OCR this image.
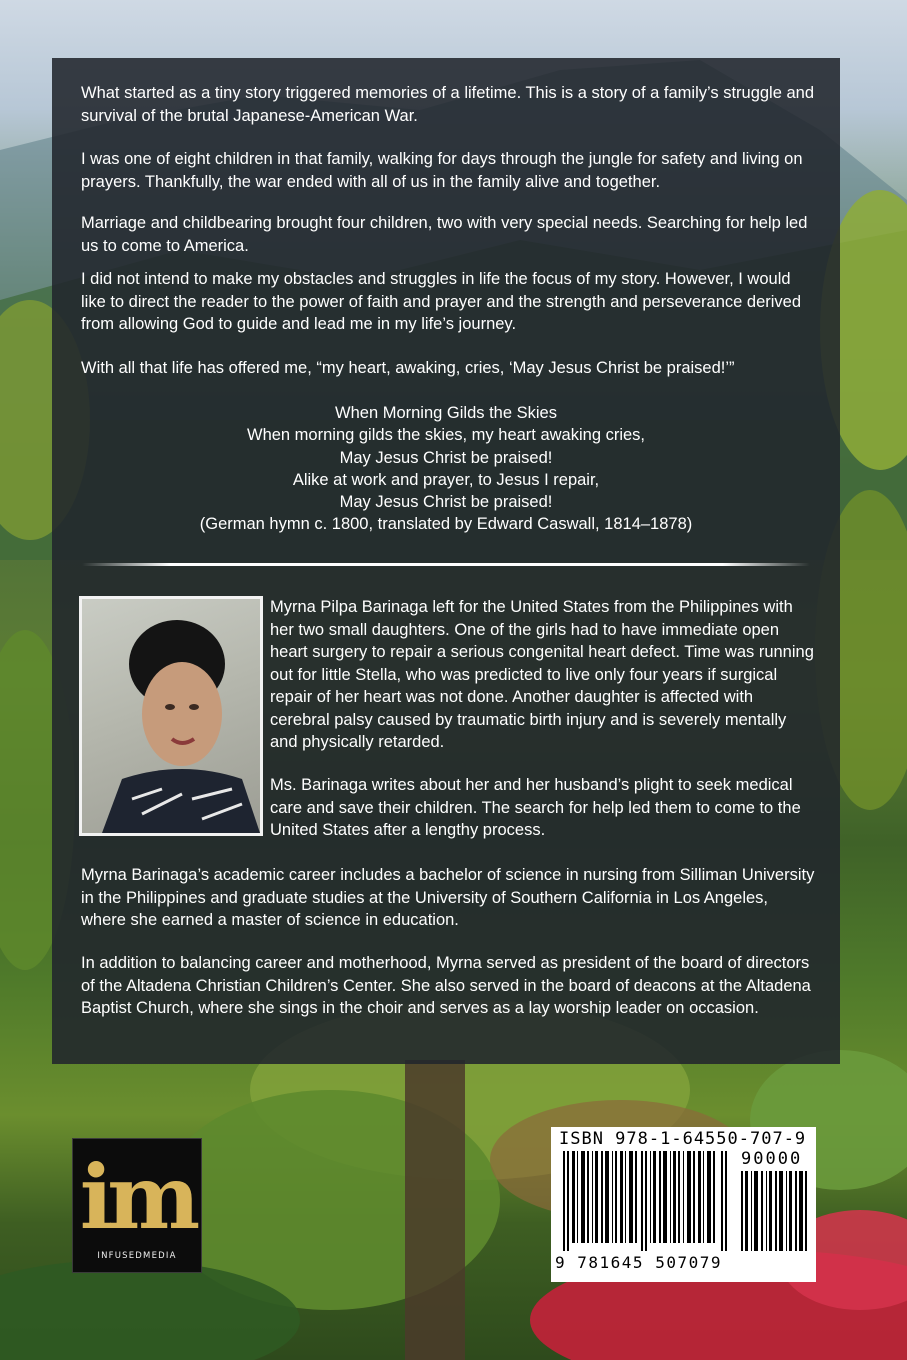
What started as a tiny story triggered memories of a lifetime. This is a story of a family’s struggle and survival of the brutal Japanese-American War.

I was one of eight children in that family, walking for days through the jungle for safety and living on prayers. Thankfully, the war ended with all of us in the family alive and together.

Marriage and childbearing brought four children, two with very special needs. Searching for help led us to come to America.

I did not intend to make my obstacles and struggles in life the focus of my story. However, I would like to direct the reader to the power of faith and prayer and the strength and perseverance derived from allowing God to guide and lead me in my life’s journey.

With all that life has offered me, “my heart, awaking, cries, ‘May Jesus Christ be praised!’”

When Morning Gilds the Skies
When morning gilds the skies, my heart awaking cries,
May Jesus Christ be praised!
Alike at work and prayer, to Jesus I repair,
May Jesus Christ be praised!
(German hymn c. 1800, translated by Edward Caswall, 1814–1878)

Myrna Pilpa Barinaga left for the United States from the Philippines with her two small daughters. One of the girls had to have immediate open heart surgery to repair a serious congenital heart defect. Time was running out for little Stella, who was predicted to live only four years if surgical repair of her heart was not done. Another daughter is affected with cerebral palsy caused by traumatic birth injury and is severely mentally and physically retarded.

Ms. Barinaga writes about her and her husband’s plight to seek medical care and save their children. The search for help led them to come to the United States after a lengthy process.

Myrna Barinaga’s academic career includes a bachelor of science in nursing from Silliman University in the Philippines and graduate studies at the University of Southern California in Los Angeles, where she earned a master of science in education.

In addition to balancing career and motherhood, Myrna served as president of the board of directors of the Altadena Christian Children’s Center. She also served in the board of deacons at the Altadena Baptist Church, where she sings in the choir and serves as a lay worship leader on occasion.

im
INFUSEDMEDIA
ISBN 978-1-64550-707-9
90000
9 781645 507079
